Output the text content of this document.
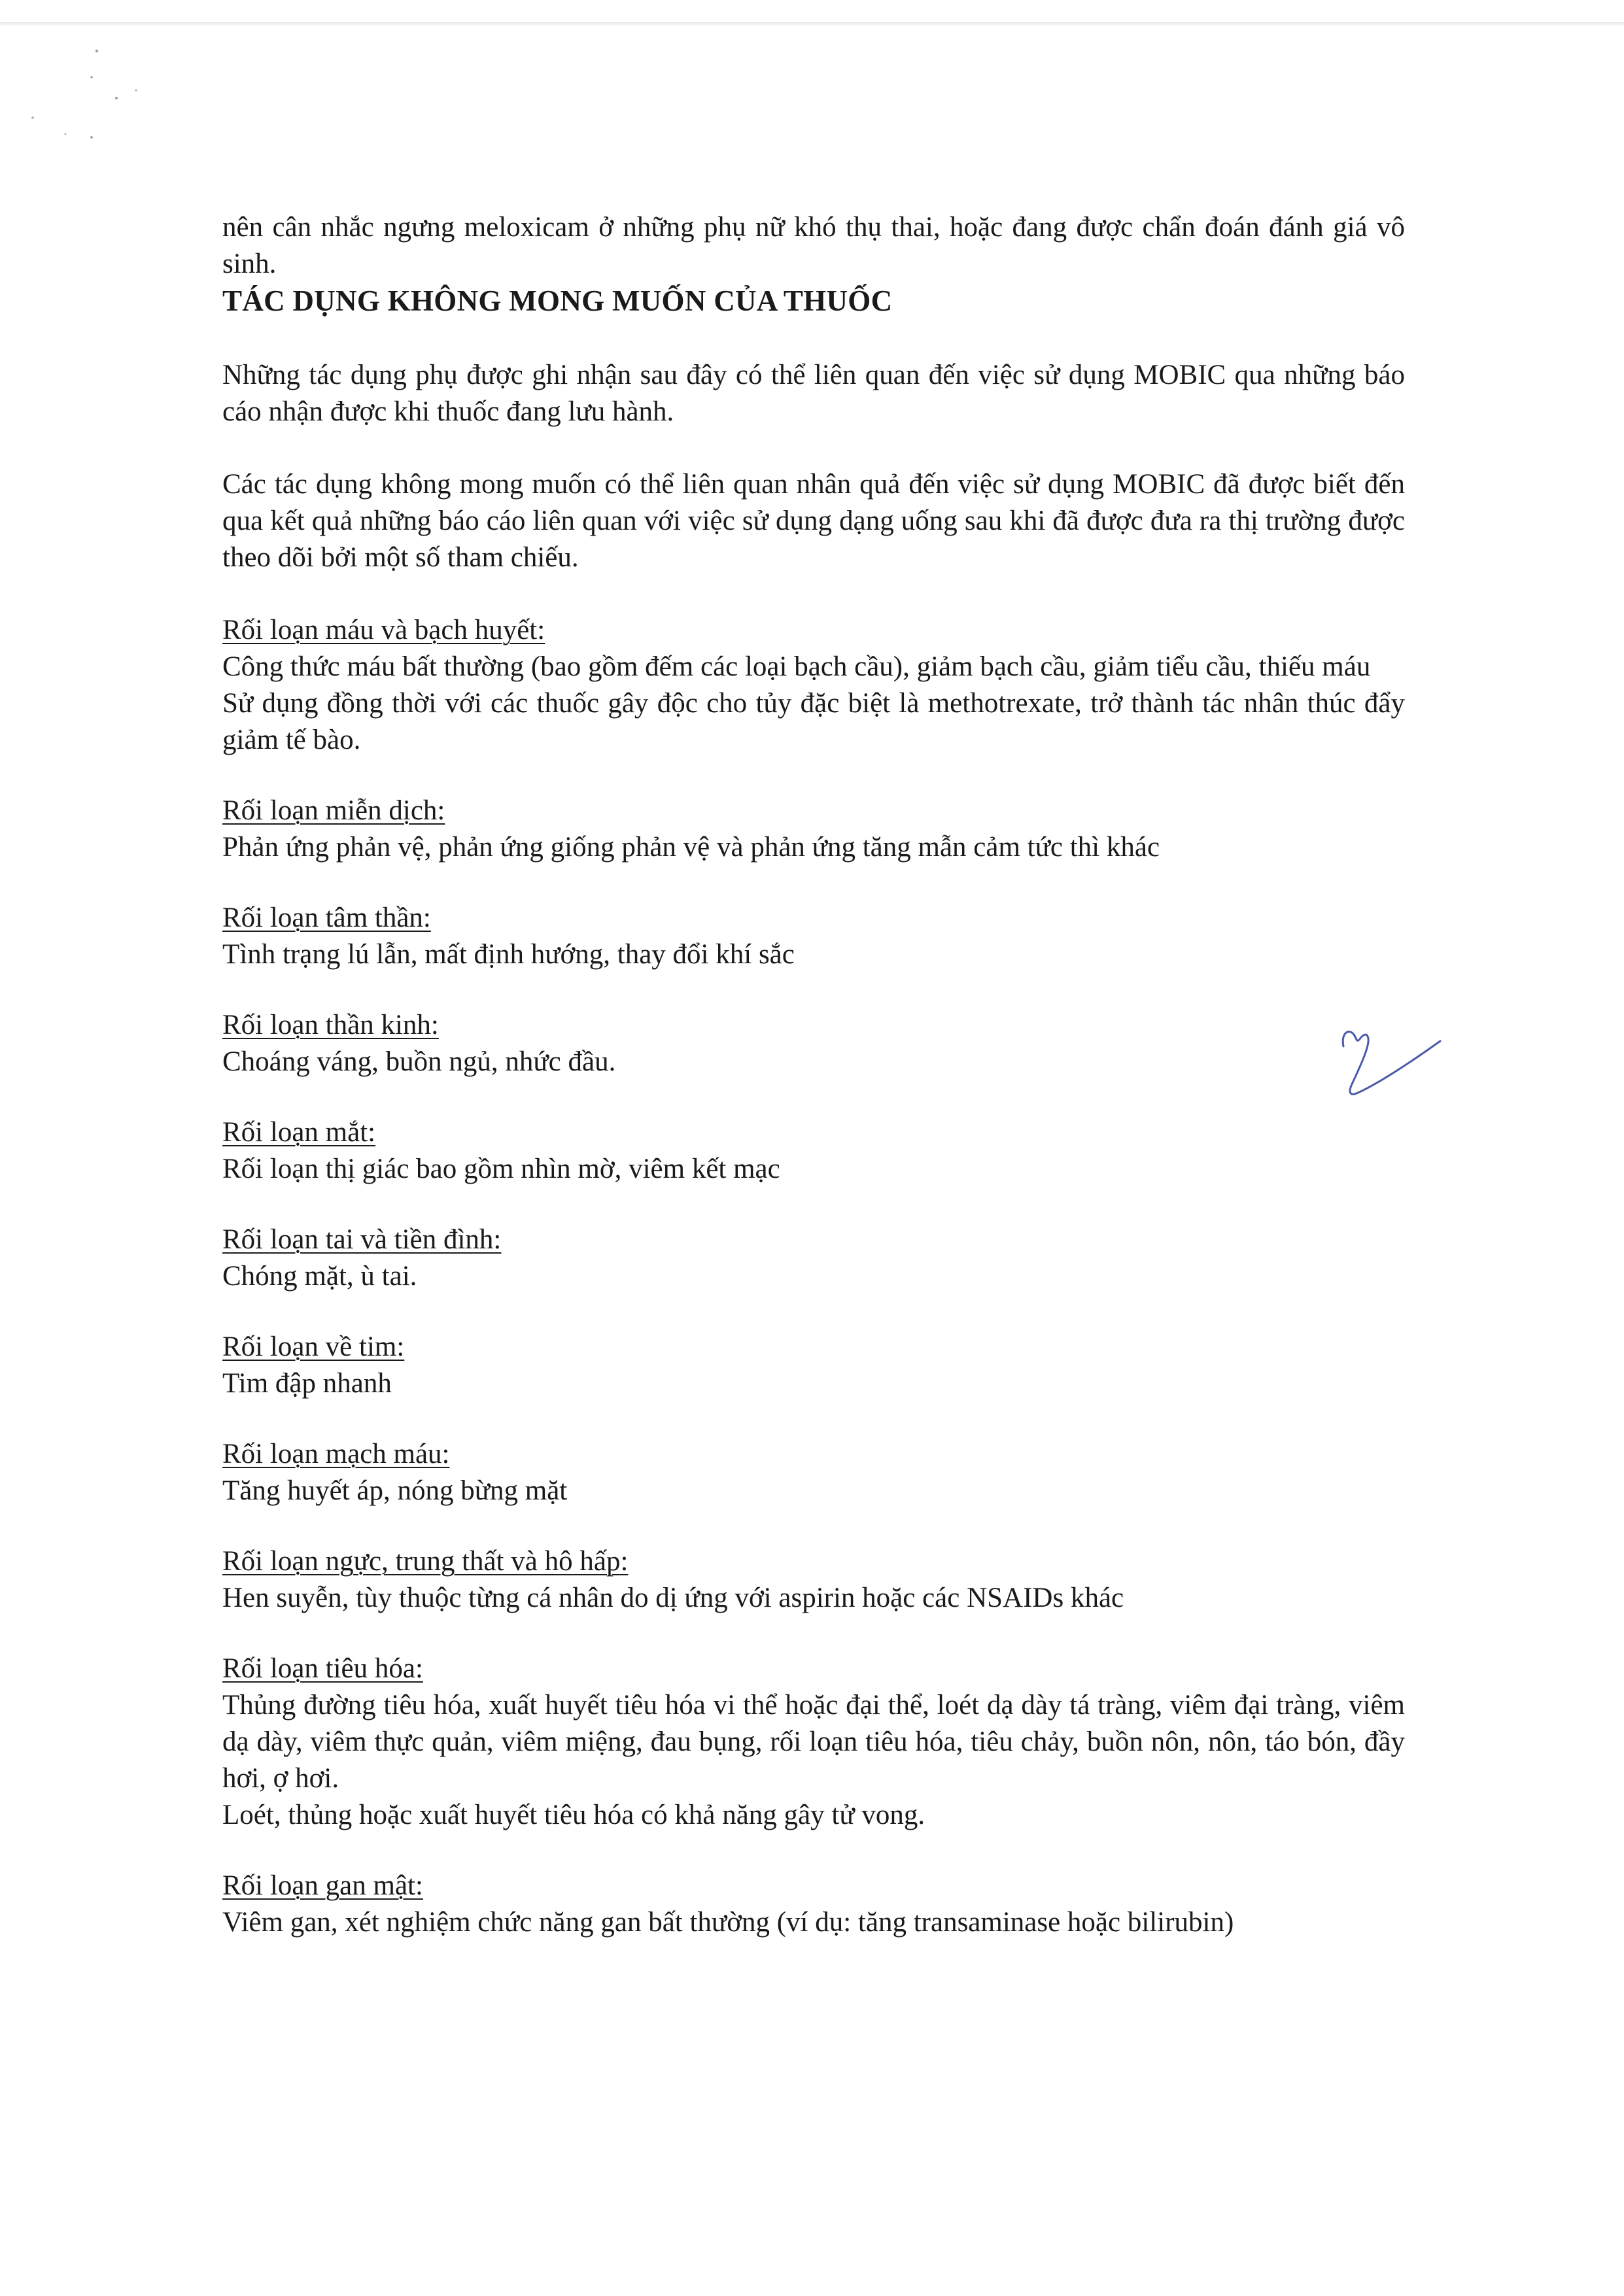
nên cân nhắc ngưng meloxicam ở những phụ nữ khó thụ thai, hoặc đang được chẩn đoán đánh giá vô sinh.

TÁC DỤNG KHÔNG MONG MUỐN CỦA THUỐC

Những tác dụng phụ được ghi nhận sau đây có thể liên quan đến việc sử dụng MOBIC qua những báo cáo nhận được khi thuốc đang lưu hành.

Các tác dụng không mong muốn có thể liên quan nhân quả đến việc sử dụng MOBIC đã được biết đến qua kết quả những báo cáo liên quan với việc sử dụng dạng uống sau khi đã được đưa ra thị trường được theo dõi bởi một số tham chiếu.

Rối loạn máu và bạch huyết:
Công thức máu bất thường (bao gồm đếm các loại bạch cầu), giảm bạch cầu, giảm tiểu cầu, thiếu máu
Sử dụng đồng thời với các thuốc gây độc cho tủy đặc biệt là methotrexate, trở thành tác nhân thúc đẩy giảm tế bào.
Rối loạn miễn dịch:
Phản ứng phản vệ, phản ứng giống phản vệ và phản ứng tăng mẫn cảm tức thì khác
Rối loạn tâm thần:
Tình trạng lú lẫn, mất định hướng, thay đổi khí sắc
Rối loạn thần kinh:
Choáng váng, buồn ngủ, nhức đầu.
Rối loạn mắt:
Rối loạn thị giác bao gồm nhìn mờ, viêm kết mạc
Rối loạn tai và tiền đình:
Chóng mặt, ù tai.
Rối loạn về tim:
Tim đập nhanh
Rối loạn mạch máu:
Tăng huyết áp, nóng bừng mặt
Rối loạn ngực, trung thất và hô hấp:
Hen suyễn, tùy thuộc từng cá nhân do dị ứng với aspirin hoặc các NSAIDs khác
Rối loạn tiêu hóa:
Thủng đường tiêu hóa, xuất huyết tiêu hóa vi thể hoặc đại thể, loét dạ dày tá tràng, viêm đại tràng, viêm dạ dày, viêm thực quản, viêm miệng, đau bụng, rối loạn tiêu hóa, tiêu chảy, buồn nôn, nôn, táo bón, đầy hơi, ợ hơi.
Loét, thủng hoặc xuất huyết tiêu hóa có khả năng gây tử vong.
Rối loạn gan mật:
Viêm gan, xét nghiệm chức năng gan bất thường (ví dụ: tăng transaminase hoặc bilirubin)
